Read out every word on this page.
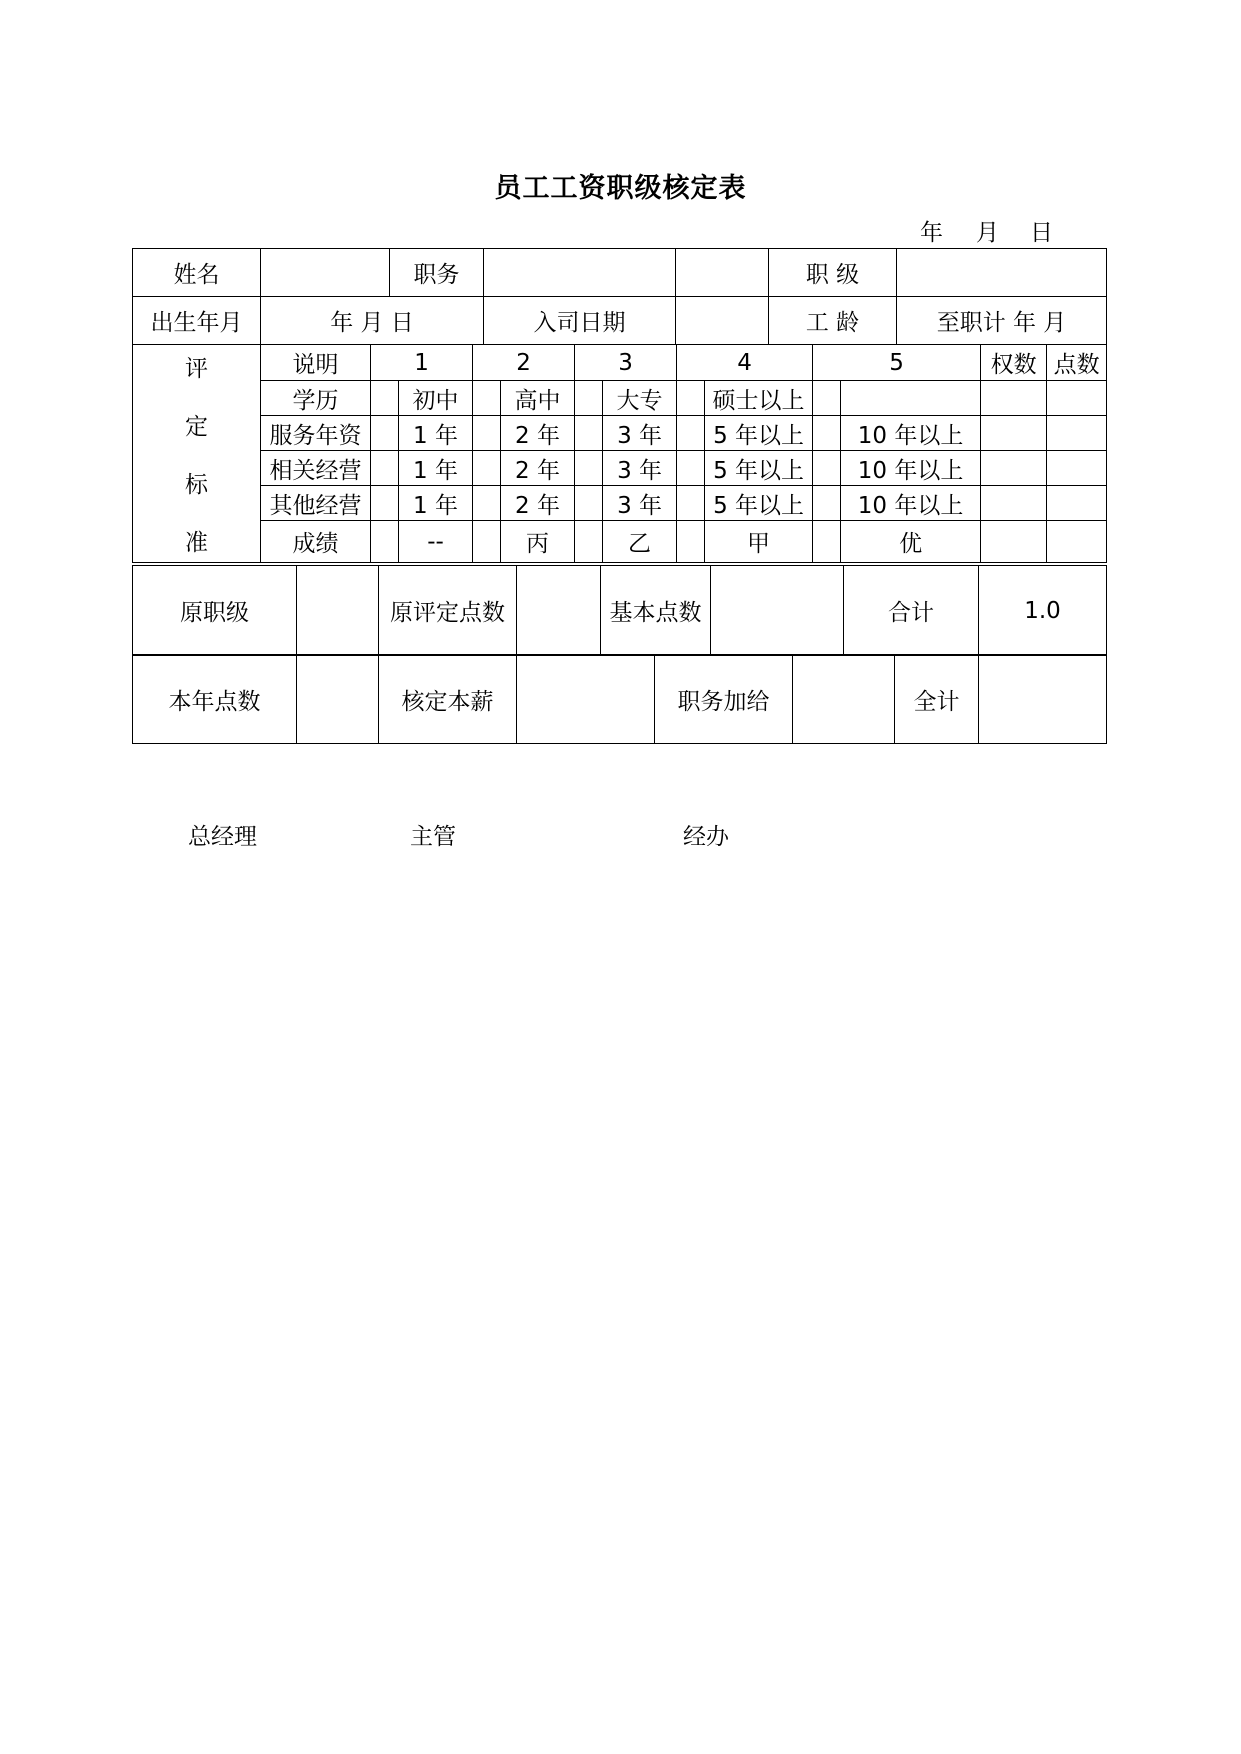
员工工资职级核定表
年 月 日
姓名		职务			职 级	
出生年月	年 月 日		入司日期		工 龄	至职计 年 月
评
定
标
准	说明	1		2		3		4		5		权数	点数
	学历		初中		高中		大专		硕士以上				
	服务年资		1 年		2 年		3 年		5 年以上		10 年以上		
	相关经营		1 年		2 年		3 年		5 年以上		10 年以上		
	其他经营		1 年		2 年		3 年		5 年以上		10 年以上		
	成绩		--		丙		乙		甲		优		
原职级		原评定点数		基本点数		合计	1.0
本年点数		核定本薪		职务加给		全计	
总经理	主管	经办
